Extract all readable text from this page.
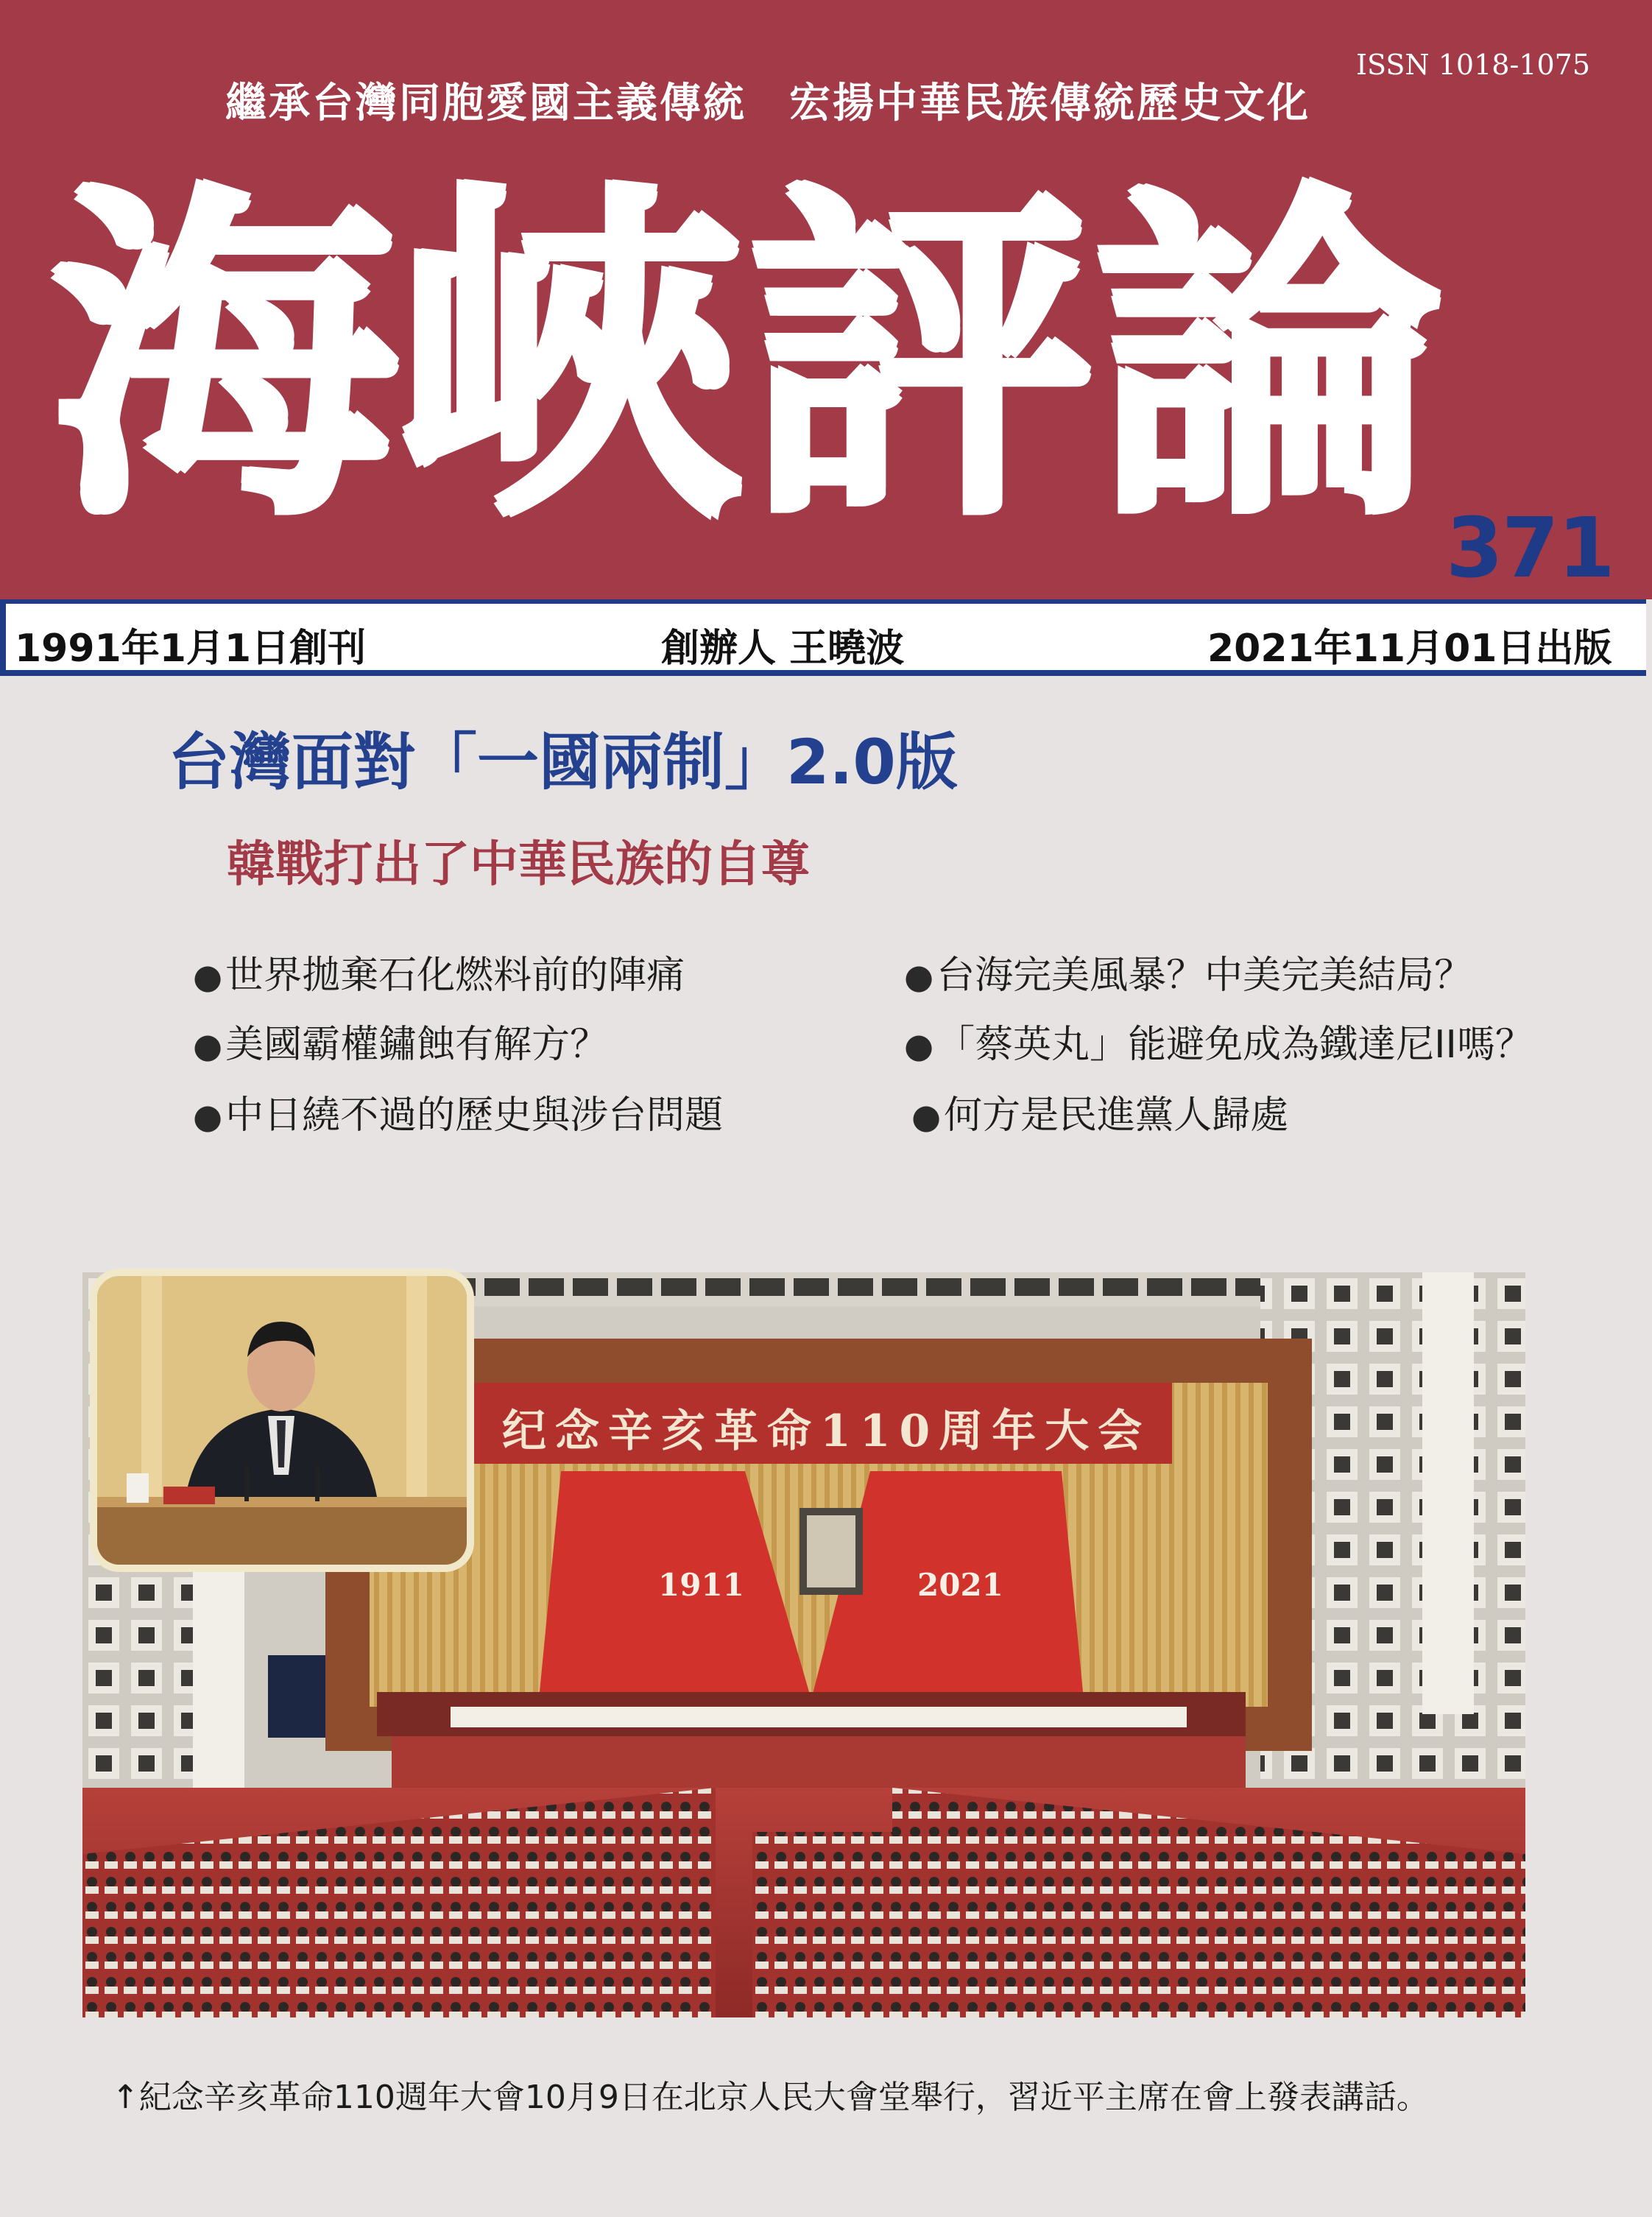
繼承台灣同胞愛國主義傳統 宏揚中華民族傳統歷史文化
ISSN 1018-1075
海 峽 評 論 371
1991年1月1日創刊	創辦人 王曉波	2021年11月01日出版
台灣面對「一國兩制」2.0版
韓戰打出了中華民族的自尊
●世界拋棄石化燃料前的陣痛
●美國霸權鏽蝕有解方？
●中日繞不過的歷史與涉台問題
●台海完美風暴？中美完美結局？
●「蔡英丸」能避免成為鐵達尼II嗎？
●何方是民進黨人歸處
纪念辛亥革命110周年大会
1911	2021
↑紀念辛亥革命110週年大會10月9日在北京人民大會堂舉行，習近平主席在會上發表講話。
